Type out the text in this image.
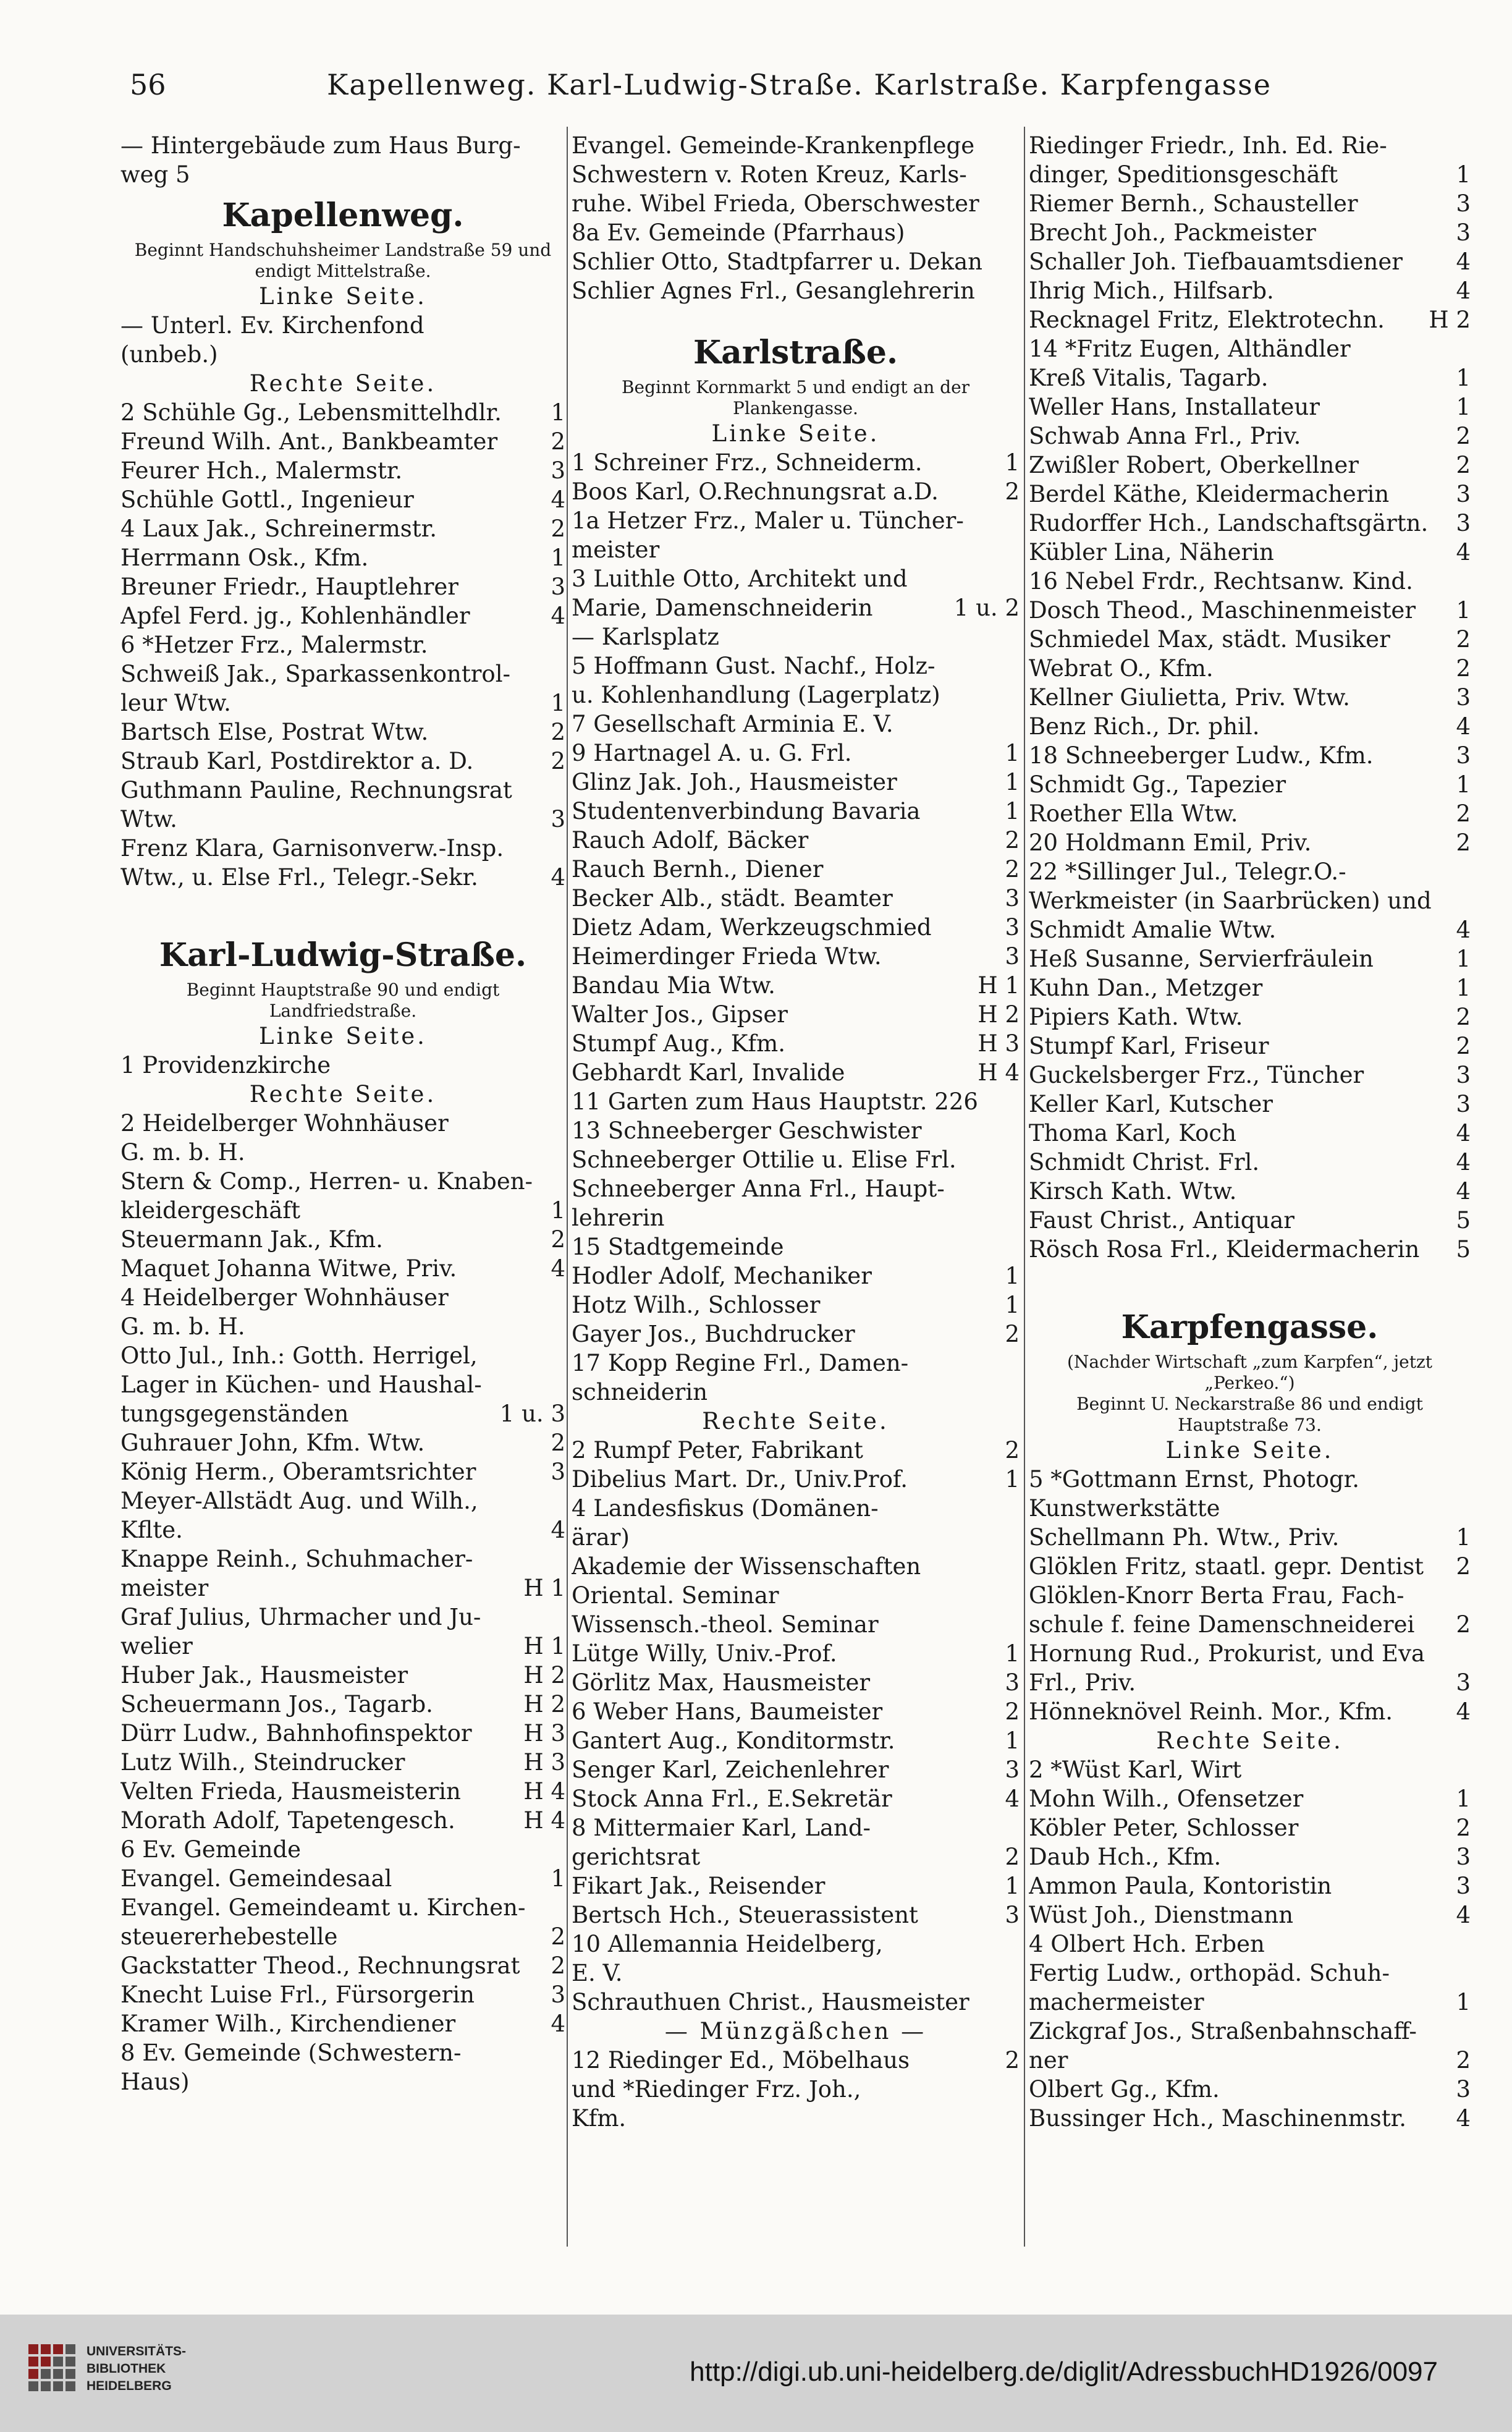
56	Kapellenweg. Karl-Ludwig-Straße. Karlstraße. Karpfengasse
— Hintergebäude zum Haus Burg-
weg 5
Kapellenweg.
Beginnt Handschuhsheimer Landstraße 59 und endigt Mittelstraße.
Linke Seite.
— Unterl. Ev. Kirchenfond
(unbeb.)
Rechte Seite.
2 Schühle Gg., Lebensmittelhdlr.	1
Freund Wilh. Ant., Bankbeamter	2
Feurer Hch., Malermstr.	3
Schühle Gottl., Ingenieur	4
4 Laux Jak., Schreinermstr.	2
Herrmann Osk., Kfm.	1
Breuner Friedr., Hauptlehrer	3
Apfel Ferd. jg., Kohlenhändler	4
6 *Hetzer Frz., Malermstr.
Schweiß Jak., Sparkassenkontrol-
leur Wtw.	1
Bartsch Else, Postrat Wtw.	2
Straub Karl, Postdirektor a. D.	2
Guthmann Pauline, Rechnungsrat
Wtw.	3
Frenz Klara, Garnisonverw.-Insp.
Wtw., u. Else Frl., Telegr.-Sekr.	4
Karl-Ludwig-Straße.
Beginnt Hauptstraße 90 und endigt Landfriedstraße.
Linke Seite.
1 Providenzkirche
Rechte Seite.
2 Heidelberger Wohnhäuser
G. m. b. H.
Stern & Comp., Herren- u. Knaben-
kleidergeschäft	1
Steuermann Jak., Kfm.	2
Maquet Johanna Witwe, Priv.	4
4 Heidelberger Wohnhäuser
G. m. b. H.
Otto Jul., Inh.: Gotth. Herrigel,
Lager in Küchen- und Haushal-
tungsgegenständen	1 u. 3
Guhrauer John, Kfm. Wtw.	2
König Herm., Oberamtsrichter	3
Meyer-Allstädt Aug. und Wilh.,
Kfltе.	4
Knappe Reinh., Schuhmacher-
meister	H 1
Graf Julius, Uhrmacher und Ju-
welier	H 1
Huber Jak., Hausmeister	H 2
Scheuermann Jos., Tagarb.	H 2
Dürr Ludw., Bahnhofinspektor	H 3
Lutz Wilh., Steindrucker	H 3
Velten Frieda, Hausmeisterin	H 4
Morath Adolf, Tapetengesch.	H 4
6 Ev. Gemeinde
Evangel. Gemeindesaal	1
Evangel. Gemeindeamt u. Kirchen-
steuererhebestelle	2
Gackstatter Theod., Rechnungsrat	2
Knecht Luise Frl., Fürsorgerin	3
Kramer Wilh., Kirchendiener	4
8 Ev. Gemeinde (Schwestern-
Haus)
Evangel. Gemeinde-Krankenpflege
Schwestern v. Roten Kreuz, Karls-
ruhe. Wibel Frieda, Oberschwester
8a Ev. Gemeinde (Pfarrhaus)
Schlier Otto, Stadtpfarrer u. Dekan
Schlier Agnes Frl., Gesanglehrerin
Karlstraße.
Beginnt Kornmarkt 5 und endigt an der Plankengasse.
Linke Seite.
1 Schreiner Frz., Schneiderm.	1
Boos Karl, O.Rechnungsrat a.D.	2
1a Hetzer Frz., Maler u. Tüncher-
meister
3 Luithle Otto, Architekt und
Marie, Damenschneiderin	1 u. 2
— Karlsplatz
5 Hoffmann Gust. Nachf., Holz-
u. Kohlenhandlung (Lagerplatz)
7 Gesellschaft Arminia E. V.
9 Hartnagel A. u. G. Frl.	1
Glinz Jak. Joh., Hausmeister	1
Studentenverbindung Bavaria	1
Rauch Adolf, Bäcker	2
Rauch Bernh., Diener	2
Becker Alb., städt. Beamter	3
Dietz Adam, Werkzeugschmied	3
Heimerdinger Frieda Wtw.	3
Bandau Mia Wtw.	H 1
Walter Jos., Gipser	H 2
Stumpf Aug., Kfm.	H 3
Gebhardt Karl, Invalide	H 4
11 Garten zum Haus Hauptstr. 226
13 Schneeberger Geschwister
Schneeberger Ottilie u. Elise Frl.
Schneeberger Anna Frl., Haupt-
lehrerin
15 Stadtgemeinde
Hodler Adolf, Mechaniker	1
Hotz Wilh., Schlosser	1
Gayer Jos., Buchdrucker	2
17 Kopp Regine Frl., Damen-
schneiderin
Rechte Seite.
2 Rumpf Peter, Fabrikant	2
Dibelius Mart. Dr., Univ.Prof.	1
4 Landesfiskus (Domänen-
ärar)
Akademie der Wissenschaften
Oriental. Seminar
Wissensch.-theol. Seminar
Lütge Willy, Univ.-Prof.	1
Görlitz Max, Hausmeister	3
6 Weber Hans, Baumeister	2
Gantert Aug., Konditormstr.	1
Senger Karl, Zeichenlehrer	3
Stock Anna Frl., E.Sekretär	4
8 Mittermaier Karl, Land-
gerichtsrat	2
Fikart Jak., Reisender	1
Bertsch Hch., Steuerassistent	3
10 Allemannia Heidelberg,
E. V.
Schrauthuen Christ., Hausmeister
— Münzgäßchen —
12 Riedinger Ed., Möbelhaus	2
und *Riedinger Frz. Joh.,
Kfm.
Riedinger Friedr., Inh. Ed. Rie-
dinger, Speditionsgeschäft	1
Riemer Bernh., Schausteller	3
Brecht Joh., Packmeister	3
Schaller Joh. Tiefbauamtsdiener	4
Ihrig Mich., Hilfsarb.	4
Recknagel Fritz, Elektrotechn.	H 2
14 *Fritz Eugen, Althändler
Kreß Vitalis, Tagarb.	1
Weller Hans, Installateur	1
Schwab Anna Frl., Priv.	2
Zwißler Robert, Oberkellner	2
Berdel Käthe, Kleidermacherin	3
Rudorffer Hch., Landschaftsgärtn.	3
Kübler Lina, Näherin	4
16 Nebel Frdr., Rechtsanw. Kind.
Dosch Theod., Maschinenmeister	1
Schmiedel Max, städt. Musiker	2
Webrat O., Kfm.	2
Kellner Giulietta, Priv. Wtw.	3
Benz Rich., Dr. phil.	4
18 Schneeberger Ludw., Kfm.	3
Schmidt Gg., Tapezier	1
Roether Ella Wtw.	2
20 Holdmann Emil, Priv.	2
22 *Sillinger Jul., Telegr.O.-
Werkmeister (in Saarbrücken) und
Schmidt Amalie Wtw.	4
Heß Susanne, Servierfräulein	1
Kuhn Dan., Metzger	1
Pipiers Kath. Wtw.	2
Stumpf Karl, Friseur	2
Guckelsberger Frz., Tüncher	3
Keller Karl, Kutscher	3
Thoma Karl, Koch	4
Schmidt Christ. Frl.	4
Kirsch Kath. Wtw.	4
Faust Christ., Antiquar	5
Rösch Rosa Frl., Kleidermacherin	5
Karpfengasse.
(Nachder Wirtschaft „zum Karpfen“, jetzt „Perkeo.“)
Beginnt U. Neckarstraße 86 und endigt Hauptstraße 73.
Linke Seite.
5 *Gottmann Ernst, Photogr.
Kunstwerkstätte
Schellmann Ph. Wtw., Priv.	1
Glöklen Fritz, staatl. gepr. Dentist	2
Glöklen-Knorr Berta Frau, Fach-
schule f. feine Damenschneiderei	2
Hornung Rud., Prokurist, und Eva
Frl., Priv.	3
Hönneknövel Reinh. Mor., Kfm.	4
Rechte Seite.
2 *Wüst Karl, Wirt
Mohn Wilh., Ofensetzer	1
Köbler Peter, Schlosser	2
Daub Hch., Kfm.	3
Ammon Paula, Kontoristin	3
Wüst Joh., Dienstmann	4
4 Olbert Hch. Erben
Fertig Ludw., orthopäd. Schuh-
machermeister	1
Zickgraf Jos., Straßenbahnschaff-
ner	2
Olbert Gg., Kfm.	3
Bussinger Hch., Maschinenmstr.	4
UNIVERSITÄTS-
BIBLIOTHEK
HEIDELBERG	http://digi.ub.uni-heidelberg.de/diglit/AdressbuchHD1926/0097
